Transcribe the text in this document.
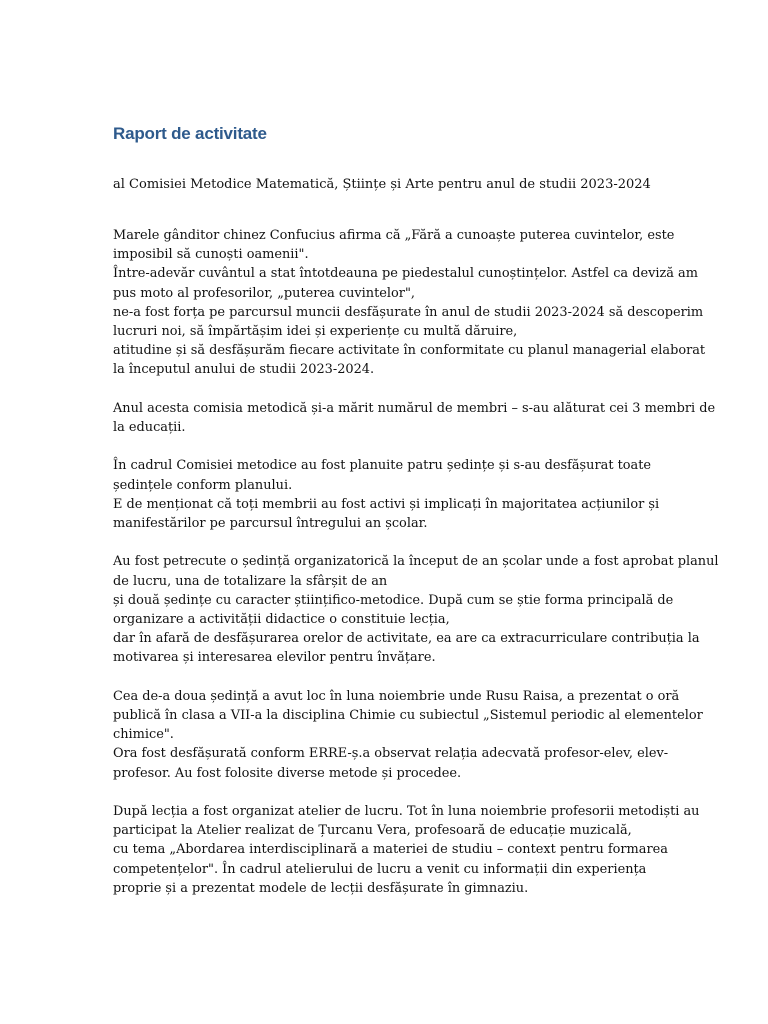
Raport de activitate

al Comisiei Metodice Matematică, Științe și Arte pentru anul de studii 2023-2024

Marele gânditor chinez Confucius afirma că „Fără a cunoaște puterea cuvintelor, este
imposibil să cunoști oamenii".
Între-adevăr cuvântul a stat întotdeauna pe piedestalul cunoștințelor. Astfel ca deviză am
pus moto al profesorilor, „puterea cuvintelor",
ne-a fost forța pe parcursul muncii desfășurate în anul de studii 2023-2024 să descoperim
lucruri noi, să împărtășim idei și experiențe cu multă dăruire,
atitudine și să desfășurăm fiecare activitate în conformitate cu planul managerial elaborat
la începutul anului de studii 2023-2024.

Anul acesta comisia metodică și-a mărit numărul de membri – s-au alăturat cei 3 membri de
la educații.

În cadrul Comisiei metodice au fost planuite patru ședințe și s-au desfășurat toate
ședințele conform planului.
E de menționat că toți membrii au fost activi și implicați în majoritatea acțiunilor și
manifestărilor pe parcursul întregului an școlar.

Au fost petrecute o ședință organizatorică la început de an școlar unde a fost aprobat planul
de lucru, una de totalizare la sfârșit de an
și două ședințe cu caracter științifico-metodice. După cum se știe forma principală de
organizare a activității didactice o constituie lecția,
dar în afară de desfășurarea orelor de activitate, ea are ca extracurriculare contribuția la
motivarea și interesarea elevilor pentru învățare.

Cea de-a doua ședință a avut loc în luna noiembrie unde Rusu Raisa, a prezentat o oră
publică în clasa a VII-a la disciplina Chimie cu subiectul „Sistemul periodic al elementelor
chimice".
Ora fost desfășurată conform ERRE-ș.a observat relația adecvată profesor-elev, elev-
profesor. Au fost folosite diverse metode și procedee.

După lecția a fost organizat atelier de lucru. Tot în luna noiembrie profesorii metodiști au
participat la Atelier realizat de Țurcanu Vera, profesoară de educație muzicală,
cu tema „Abordarea interdisciplinară a materiei de studiu – context pentru formarea
competențelor". În cadrul atelierului de lucru a venit cu informații din experiența
proprie și a prezentat modele de lecții desfășurate în gimnaziu.
